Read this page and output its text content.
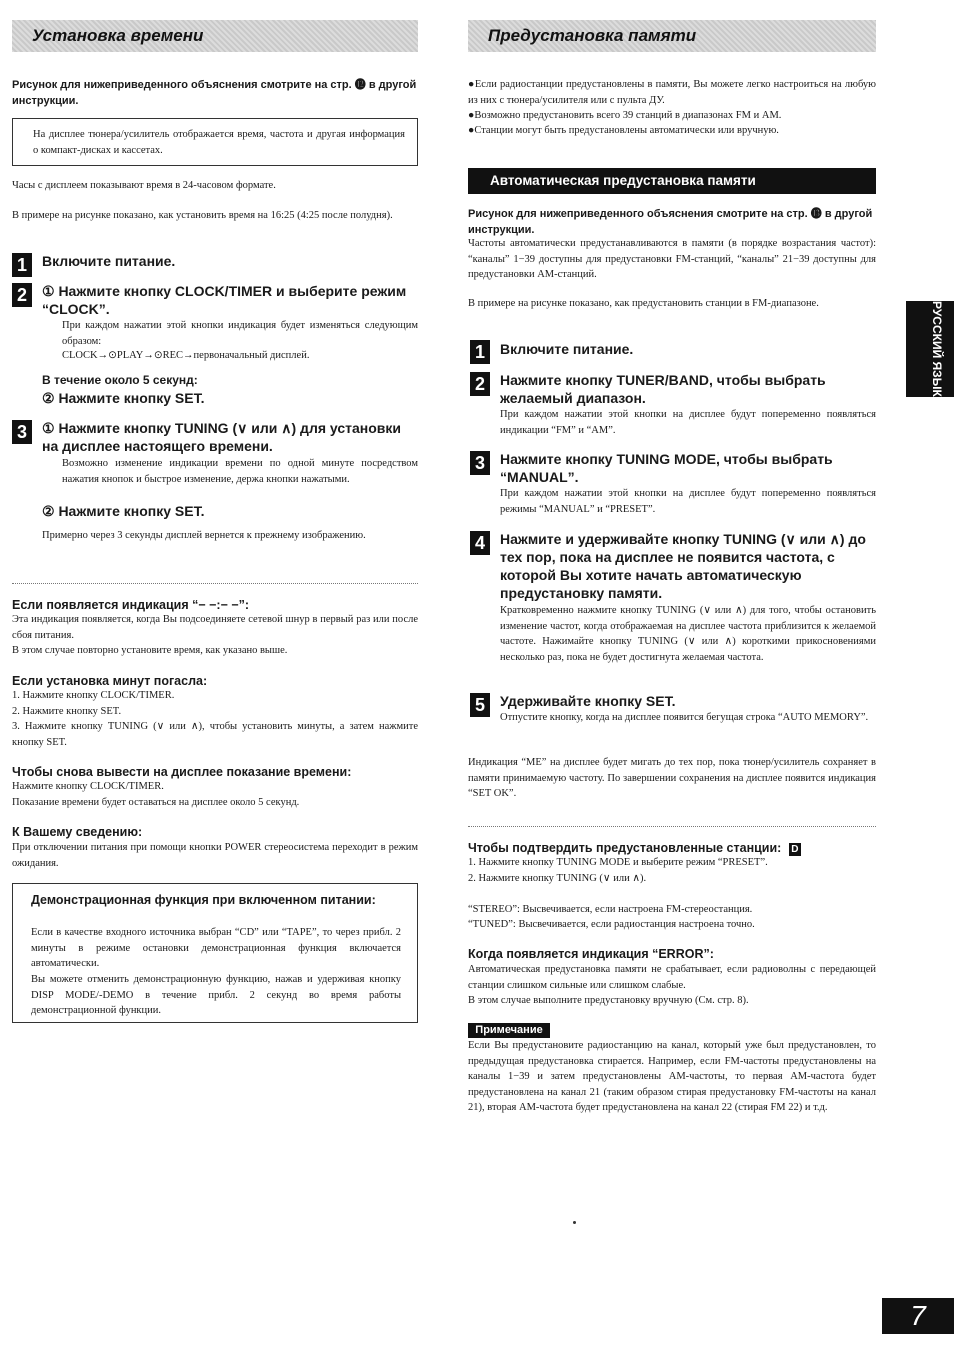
Установка времени
Рисунок для нижеприведенного объяснения смотрите на стр. ⓬ в другой инструкции.
На дисплее тюнера/усилитель отображается время, частота и другая информация о компакт-дисках и кассетах.
Часы с дисплеем показывают время в 24-часовом формате.
В примере на рисунке показано, как установить время на 16:25 (4:25 после полудня).
1	Включите питание.
2	① Нажмите кнопку CLOCK/TIMER и выберите режим “CLOCK”.
При каждом нажатии этой кнопки индикация будет изменяться следующим образом:
CLOCK→⊙PLAY→⊙REC→первоначальный дисплей.
В течение около 5 секунд:
② Нажмите кнопку SET.
3	① Нажмите кнопку TUNING (∨ или ∧) для установки на дисплее настоящего времени.
Возможно изменение индикации времени по одной минуте посредством нажатия кнопок и быстрое изменение, держа кнопки нажатыми.
② Нажмите кнопку SET.
Примерно через 3 секунды дисплей вернется к прежнему изображению.
Если появляется индикация “− −:− −”:
Эта индикация появляется, когда Вы подсоединяете сетевой шнур в первый раз или после сбоя питания.
В этом случае повторно установите время, как указано выше.
Если установка минут погасла:
1. Нажмите кнопку CLOCK/TIMER.
2. Нажмите кнопку SET.
3. Нажмите кнопку TUNING (∨ или ∧), чтобы установить минуты, а затем нажмите кнопку SET.
Чтобы снова вывести на дисплее показание времени:
Нажмите кнопку CLOCK/TIMER.
Показание времени будет оставаться на дисплее около 5 секунд.
К Вашему сведению:
При отключении питания при помощи кнопки POWER стереосистема переходит в режим ожидания.
Демонстрационная функция при включенном питании:
Если в качестве входного источника выбран “CD” или “TAPE”, то через прибл. 2 минуты в режиме остановки демонстрационная функция включается автоматически.
Вы можете отменить демонстрационную функцию, нажав и удерживая кнопку DISP MODE/-DEMO в течение прибл. 2 секунд во время работы демонстрационной функции.
Предустановка памяти
●Если радиостанции предустановлены в памяти, Вы можете легко настроиться на любую из них с тюнера/усилителя или с пульта ДУ.
●Возможно предустановить всего 39 станций в диапазонах FM и AM.
●Станции могут быть предустановлены автоматически или вручную.
Автоматическая предустановка памяти
Рисунок для нижеприведенного объяснения смотрите на стр. ⓭ в другой инструкции.
Частоты автоматически предустанавливаются в памяти (в порядке возрастания частот): “каналы” 1−39 доступны для предустановки FM-станций, “каналы” 21−39 доступны для предустановки AM-станций.
В примере на рисунке показано, как предустановить станции в FM-диапазоне.
1	Включите питание.
2	Нажмите кнопку TUNER/BAND, чтобы выбрать желаемый диапазон.
При каждом нажатии этой кнопки на дисплее будут попеременно появляться индикации “FM” и “AM”.
3	Нажмите кнопку TUNING MODE, чтобы выбрать “MANUAL”.
При каждом нажатии этой кнопки на дисплее будут попеременно появляться режимы “MANUAL” и “PRESET”.
4	Нажмите и удерживайте кнопку TUNING (∨ или ∧) до тех пор, пока на дисплее не появится частота, с которой Вы хотите начать автоматическую предустановку памяти.
Кратковременно нажмите кнопку TUNING (∨ или ∧) для того, чтобы остановить изменение частот, когда отображаемая на дисплее частота приблизится к желаемой частоте. Нажимайте кнопку TUNING (∨ или ∧) короткими прикосновениями несколько раз, пока не будет достигнута желаемая частота.
5	Удерживайте кнопку SET.
Отпустите кнопку, когда на дисплее появится бегущая строка “AUTO MEMORY”.
Индикация “ME” на дисплее будет мигать до тех пор, пока тюнер/усилитель сохраняет в памяти принимаемую частоту. По завершении сохранения на дисплее появится индикация “SET OK”.
Чтобы подтвердить предустановленные станции: D
1. Нажмите кнопку TUNING MODE и выберите режим “PRESET”.
2. Нажмите кнопку TUNING (∨ или ∧).
“STEREO”: Высвечивается, если настроена FM-стереостанция.
“TUNED”: Высвечивается, если радиостанция настроена точно.
Когда появляется индикация “ERROR”:
Автоматическая предустановка памяти не срабатывает, если радиоволны с передающей станции слишком сильные или слишком слабые.
В этом случае выполните предустановку вручную (См. стр. 8).
Примечание
Если Вы предустановите радиостанцию на канал, который уже был предустановлен, то предыдущая предустановка стирается. Например, если FM-частоты предустановлены на каналы 1−39 и затем предустановлены AM-частоты, то первая AM-частота будет предустановлена на канал 21 (таким образом стирая предустановку FM-частоты на канал 21), вторая AM-частота будет предустановлена на канал 22 (стирая FM 22) и т.д.
РУССКИЙ ЯЗЫК
7
